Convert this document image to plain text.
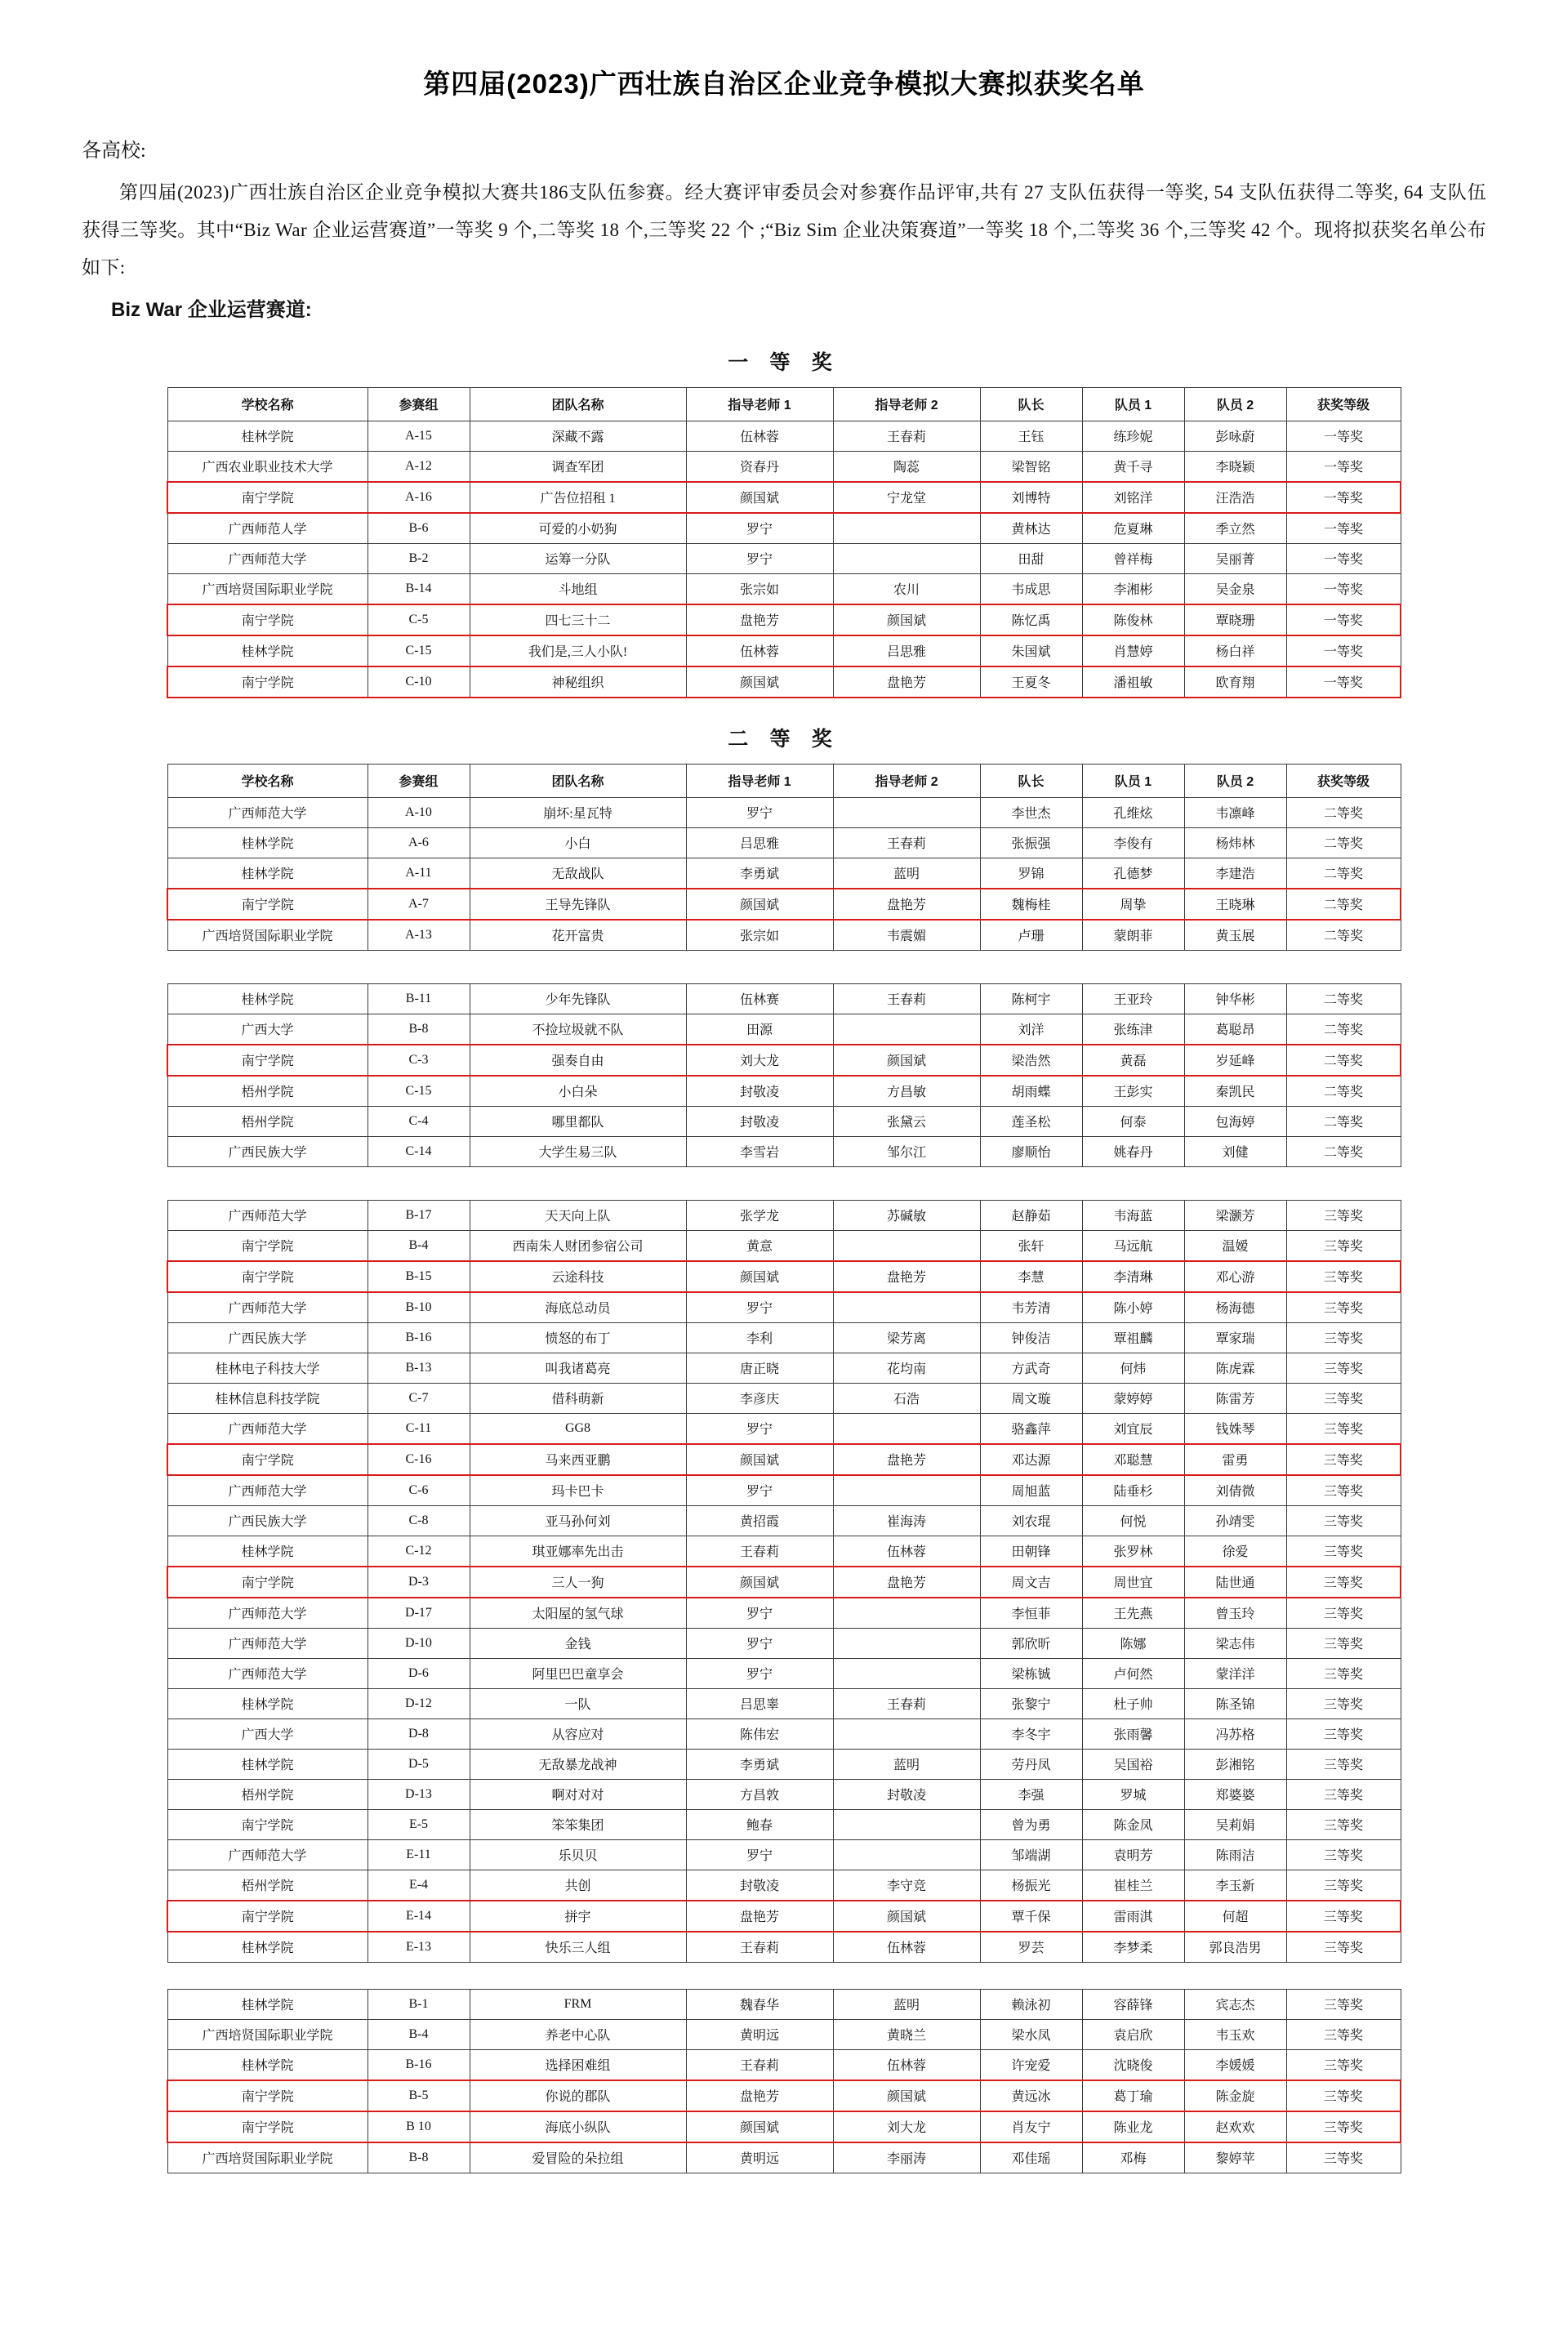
第四届(2023)广西壮族自治区企业竞争模拟大赛拟获奖名单
各高校:
第四届(2023)广西壮族自治区企业竞争模拟大赛共186支队伍参赛。经大赛评审委员会对参赛作品评审,共有 27 支队伍获得一等奖, 54 支队伍获得二等奖, 64 支队伍获得三等奖。其中“Biz War 企业运营赛道”一等奖 9 个,二等奖 18 个,三等奖 22 个 ;“Biz Sim 企业决策赛道”一等奖 18 个,二等奖 36 个,三等奖 42 个。现将拟获奖名单公布如下:
Biz War 企业运营赛道:
一 等 奖
学校名称	参赛组	团队名称	指导老师 1	指导老师 2	队长	队员 1	队员 2	获奖等级
桂林学院	A-15	深藏不露	伍林蓉	王春莉	王钰	练珍妮	彭咏蔚	一等奖
广西农业职业技术大学	A-12	调查军团	资春丹	陶蕊	梁智铭	黄千寻	李晓颖	一等奖
南宁学院	A-16	广告位招租 1	颜国斌	宁龙堂	刘博特	刘铭洋	汪浩浩	一等奖
广西师范人学	B-6	可爱的小奶狗	罗宁		黄林达	危夏琳	季立然	一等奖
广西师范大学	B-2	运筹一分队	罗宁		田甜	曾祥梅	吴丽菁	一等奖
广西培贤国际职业学院	B-14	斗地组	张宗如	农川	韦成思	李湘彬	吴金泉	一等奖
南宁学院	C-5	四七三十二	盘艳芳	颜国斌	陈忆禹	陈俊林	覃晓珊	一等奖
桂林学院	C-15	我们是,三人小队!	伍林蓉	吕思雅	朱国斌	肖慧婷	杨白祥	一等奖
南宁学院	C-10	神秘组织	颜国斌	盘艳芳	王夏冬	潘祖敏	欧育翔	一等奖
二 等 奖
学校名称	参赛组	团队名称	指导老师 1	指导老师 2	队长	队员 1	队员 2	获奖等级
广西师范大学	A-10	崩坏:星瓦特	罗宁		李世杰	孔维炫	韦凛峰	二等奖
桂林学院	A-6	小白	吕思雅	王春莉	张振强	李俊有	杨炜林	二等奖
桂林学院	A-11	无敌战队	李勇斌	蓝明	罗锦	孔德梦	李建浩	二等奖
南宁学院	A-7	王导先锋队	颜国斌	盘艳芳	魏梅桂	周挚	王晓琳	二等奖
广西培贤国际职业学院	A-13	花开富贵	张宗如	韦震媚	卢珊	蒙朗菲	黄玉展	二等奖
桂林学院	B-11	少年先锋队	伍林赛	王春莉	陈柯宇	王亚玲	钟华彬	二等奖
广西大学	B-8	不捡垃圾就不队	田源		刘洋	张练津	葛聪昂	二等奖
南宁学院	C-3	强奏自由	刘大龙	颜国斌	梁浩然	黄磊	岁延峰	二等奖
梧州学院	C-15	小白朵	封敬凌	方昌敏	胡雨蝶	王彭实	秦凯民	二等奖
梧州学院	C-4	哪里都队	封敬凌	张黛云	莲圣松	何泰	包海婷	二等奖
广西民族大学	C-14	大学生易三队	李雪岩	邹尔江	廖顺怡	姚春丹	刘健	二等奖
广西师范大学	B-17	天天向上队	张学龙	苏碱敏	赵静茹	韦海蓝	梁灏芳	三等奖
南宁学院	B-4	西南朱人财团参宿公司	黄意		张轩	马远航	温嫒	三等奖
南宁学院	B-15	云途科技	颜国斌	盘艳芳	李慧	李清琳	邓心游	三等奖
广西师范大学	B-10	海底总动员	罗宁		韦芳清	陈小婷	杨海德	三等奖
广西民族大学	B-16	愤怒的布丁	李利	梁芳离	钟俊洁	覃祖麟	覃家瑞	三等奖
桂林电子科技大学	B-13	叫我诸葛亮	唐正晓	花均南	方武奇	何炜	陈虎霖	三等奖
桂林信息科技学院	C-7	借科萌新	李彦庆	石浩	周文璇	蒙婷婷	陈雷芳	三等奖
广西师范大学	C-11	GG8	罗宁		骆鑫萍	刘宜辰	钱姝琴	三等奖
南宁学院	C-16	马来西亚鹏	颜国斌	盘艳芳	邓达源	邓聪慧	雷勇	三等奖
广西师范大学	C-6	玛卡巴卡	罗宁		周旭蓝	陆垂杉	刘倩微	三等奖
广西民族大学	C-8	亚马孙何刘	黄招霞	崔海涛	刘农琨	何悦	孙靖雯	三等奖
桂林学院	C-12	琪亚娜率先出击	王春莉	伍林蓉	田朝锋	张罗林	徐爱	三等奖
南宁学院	D-3	三人一狗	颜国斌	盘艳芳	周文吉	周世宜	陆世通	三等奖
广西师范大学	D-17	太阳屋的氢气球	罗宁		李恒菲	王先燕	曾玉玲	三等奖
广西师范大学	D-10	金钱	罗宁		郭欣昕	陈娜	梁志伟	三等奖
广西师范大学	D-6	阿里巴巴童享会	罗宁		梁栋铖	卢何然	蒙洋洋	三等奖
桂林学院	D-12	一队	吕思睾	王春莉	张黎宁	杜子帅	陈圣锦	三等奖
广西大学	D-8	从容应对	陈伟宏		李冬宇	张雨馨	冯苏格	三等奖
桂林学院	D-5	无敌暴龙战神	李勇斌	蓝明	劳丹凤	吴国裕	彭湘铭	三等奖
梧州学院	D-13	啊对对对	方昌敦	封敬凌	李强	罗城	郑婆婆	三等奖
南宁学院	E-5	笨笨集团	鲍春		曾为勇	陈金凤	吴莉娟	三等奖
广西师范大学	E-11	乐贝贝	罗宁		邹端湖	袁明芳	陈雨洁	三等奖
梧州学院	E-4	共创	封敬凌	李守竞	杨振光	崔桂兰	李玉新	三等奖
南宁学院	E-14	拼宇	盘艳芳	颜国斌	覃千保	雷雨淇	何超	三等奖
桂林学院	E-13	快乐三人组	王春莉	伍林蓉	罗芸	李梦柔	郭良浩男	三等奖
桂林学院	B-1	FRM	魏春华	蓝明	赖泳初	容薛锋	宾志杰	三等奖
广西培贤国际职业学院	B-4	养老中心队	黄明远	黄晓兰	梁水凤	袁启欣	韦玉欢	三等奖
桂林学院	B-16	选择困难组	王春莉	伍林蓉	许宠爱	沈晓俊	李媛媛	三等奖
南宁学院	B-5	你说的郡队	盘艳芳	颜国斌	黄远冰	葛丁瑜	陈金旋	三等奖
南宁学院	B 10	海底小纵队	颜国斌	刘大龙	肖友宁	陈业龙	赵欢欢	三等奖
广西培贤国际职业学院	B-8	爱冒险的朵拉组	黄明远	李丽涛	邓佳瑶	邓梅	黎婷苹	三等奖
